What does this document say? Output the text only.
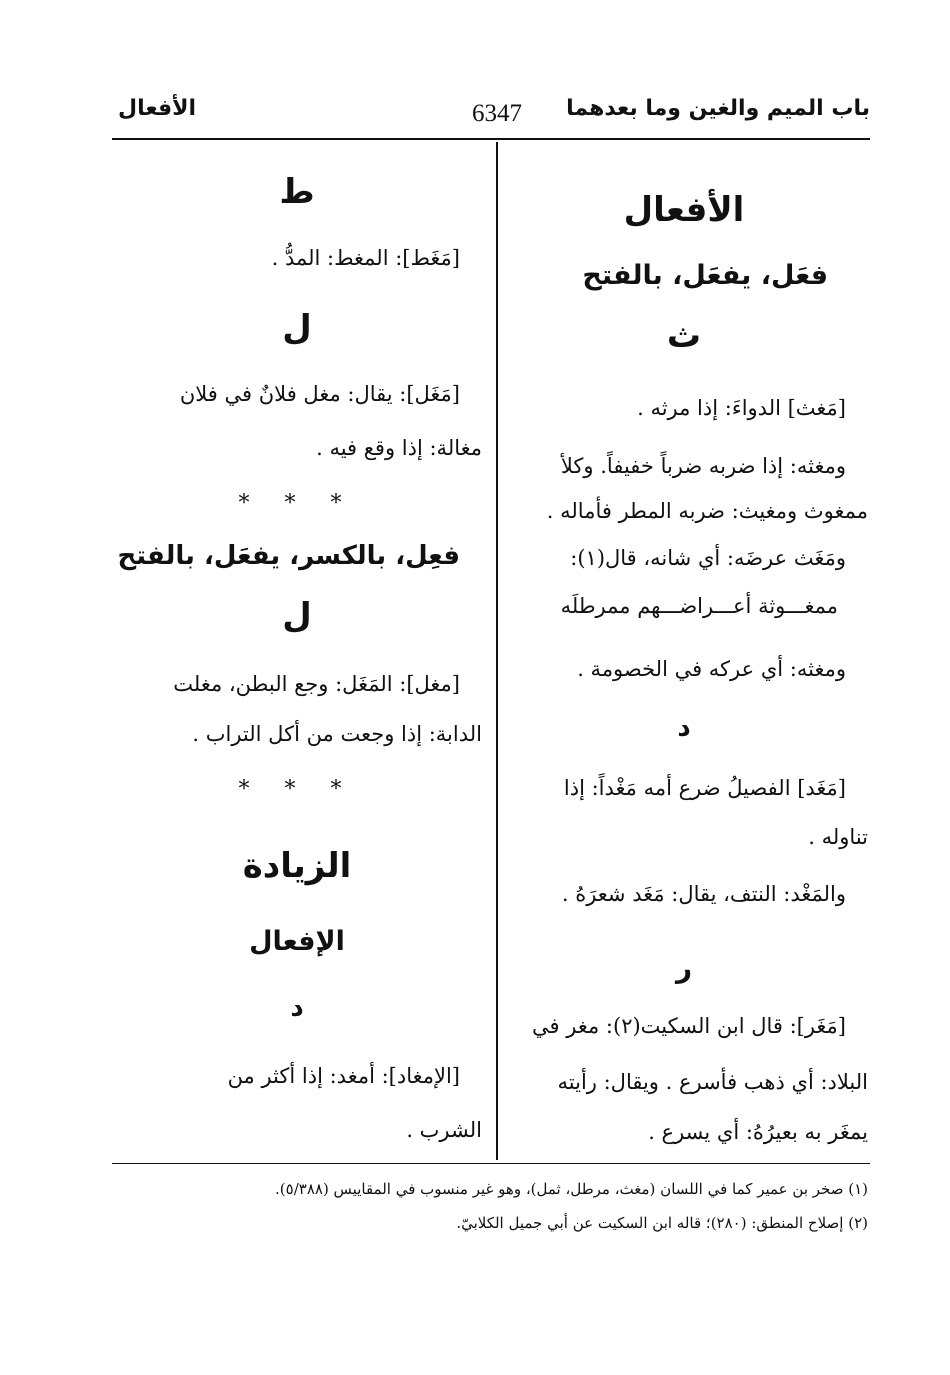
الأفعال	6347 باب الميم والغين وما بعدهما
الأفعال
فعَل، يفعَل، بالفتح
ث
[مَغث] الدواءَ: إذا مرثه .
ومغثه: إذا ضربه ضرباً خفيفاً. وكلأ
ممغوث ومغيث: ضربه المطر فأماله .
ومَغَث عرضَه: أي شانه، قال(١):
ممغـــوثة أعـــراضـــهم ممرطلَه
ومغثه: أي عركه في الخصومة .
د
[مَغَد] الفصيلُ ضرع أمه مَغْداً: إذا
تناوله .
والمَغْد: النتف، يقال: مَغَد شعرَهُ .
ر
[مَغَر]: قال ابن السكيت(٢): مغر في
البلاد: أي ذهب فأسرع . ويقال: رأيته
يمغَر به بعيرُهُ: أي يسرع .
ط
[مَغَط]: المغط: المدُّ .
ل
[مَغَل]: يقال: مغل فلانٌ في فلان
مغالة: إذا وقع فيه .
* * *
فعِل، بالكسر، يفعَل، بالفتح
ل
[مغل]: المَغَل: وجع البطن، مغلت
الدابة: إذا وجعت من أكل التراب .
* * *
الزيادة
الإفعال
د
[الإمغاد]: أمغد: إذا أكثر من
الشرب .
(١) صخر بن عمير كما في اللسان (مغث، مرطل، ثمل)، وهو غير منسوب في المقاييس (٥/٣٨٨).
(٢) إصلاح المنطق: (٢٨٠)؛ قاله ابن السكيت عن أبي جميل الكلابيّ.
